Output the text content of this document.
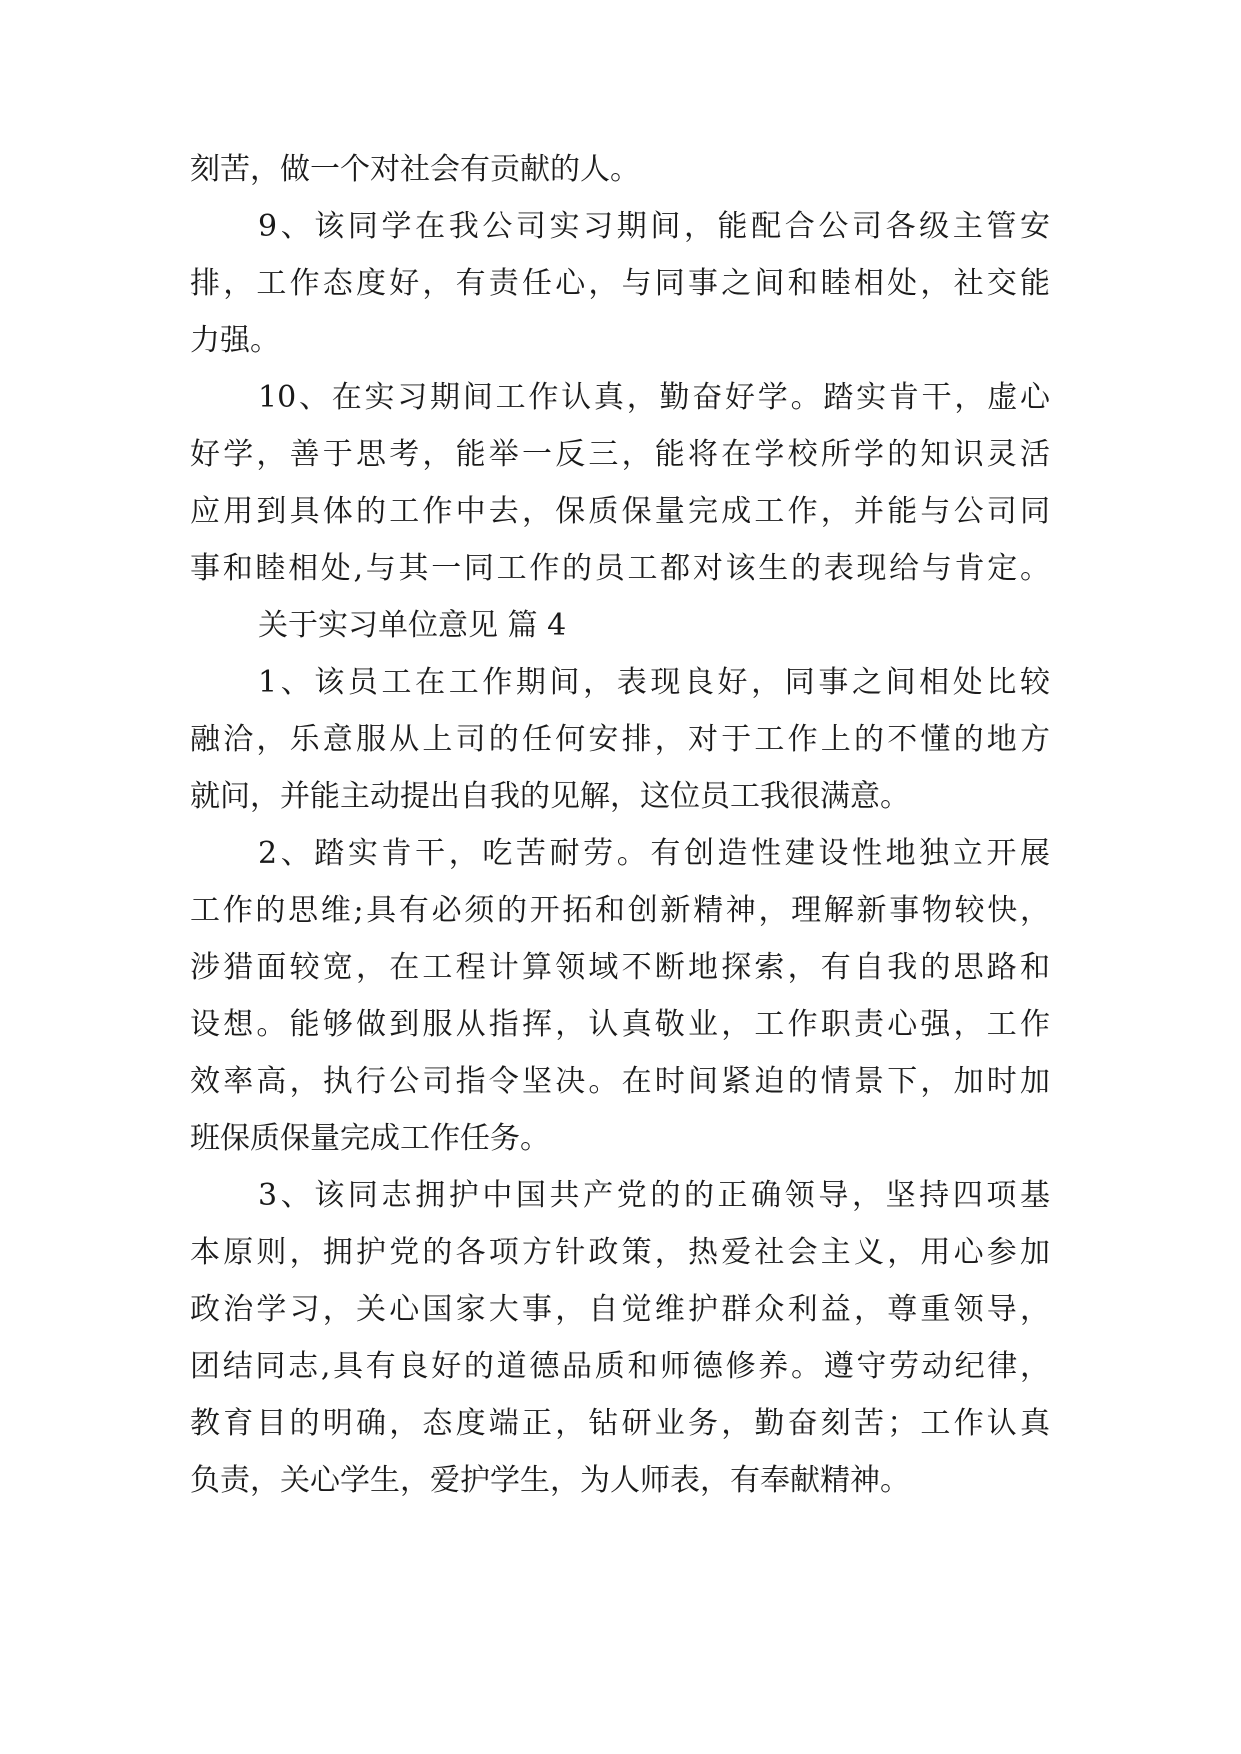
刻苦，做一个对社会有贡献的人。
9、该同学在我公司实习期间，能配合公司各级主管安
排，工作态度好，有责任心，与同事之间和睦相处，社交能
力强。
10、在实习期间工作认真，勤奋好学。踏实肯干，虚心
好学，善于思考，能举一反三，能将在学校所学的知识灵活
应用到具体的工作中去，保质保量完成工作，并能与公司同
事和睦相处,与其一同工作的员工都对该生的表现给与肯定。
关于实习单位意见 篇 4
1、该员工在工作期间，表现良好，同事之间相处比较
融洽，乐意服从上司的任何安排，对于工作上的不懂的地方
就问，并能主动提出自我的见解，这位员工我很满意。
2、踏实肯干，吃苦耐劳。有创造性建设性地独立开展
工作的思维;具有必须的开拓和创新精神，理解新事物较快，
涉猎面较宽，在工程计算领域不断地探索，有自我的思路和
设想。能够做到服从指挥，认真敬业，工作职责心强，工作
效率高，执行公司指令坚决。在时间紧迫的情景下，加时加
班保质保量完成工作任务。
3、该同志拥护中国共产党的的正确领导，坚持四项基
本原则，拥护党的各项方针政策，热爱社会主义，用心参加
政治学习，关心国家大事，自觉维护群众利益，尊重领导，
团结同志,具有良好的道德品质和师德修养。遵守劳动纪律，
教育目的明确，态度端正，钻研业务，勤奋刻苦；工作认真
负责，关心学生，爱护学生，为人师表，有奉献精神。
